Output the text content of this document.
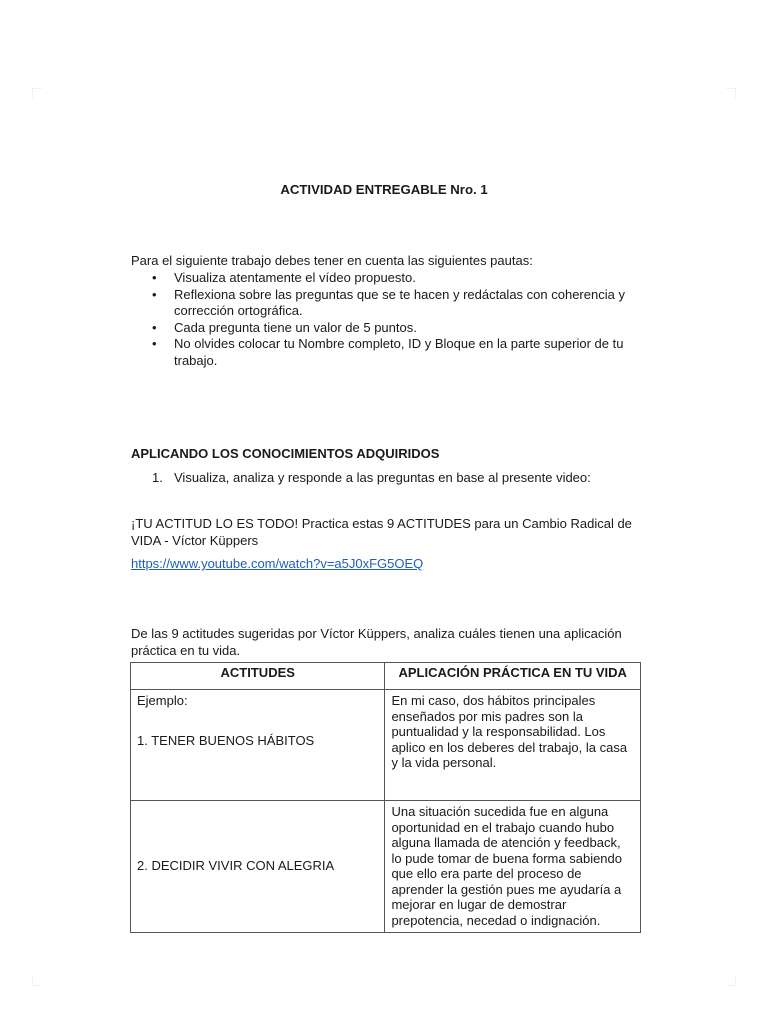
ACTIVIDAD ENTREGABLE Nro. 1
Para el siguiente trabajo debes tener en cuenta las siguientes pautas:
• Visualiza atentamente el vídeo propuesto.
• Reflexiona sobre las preguntas que se te hacen y redáctalas con coherencia y corrección ortográfica.
• Cada pregunta tiene un valor de 5 puntos.
• No olvides colocar tu Nombre completo, ID y Bloque en la parte superior de tu trabajo.
APLICANDO LOS CONOCIMIENTOS ADQUIRIDOS
1. Visualiza, analiza y responde a las preguntas en base al presente video:
¡TU ACTITUD LO ES TODO! Practica estas 9 ACTITUDES para un Cambio Radical de VIDA - Víctor Küppers
https://www.youtube.com/watch?v=a5J0xFG5OEQ
De las 9 actitudes sugeridas por Víctor Küppers, analiza cuáles tienen una aplicación práctica en tu vida.
ACTITUDES	APLICACIÓN PRÁCTICA EN TU VIDA

Ejemplo:
1. TENER BUENOS HÁBITOS	En mi caso, dos hábitos principales enseñados por mis padres son la puntualidad y la responsabilidad. Los aplico en los deberes del trabajo, la casa y la vida personal.
2. DECIDIR VIVIR CON ALEGRIA	Una situación sucedida fue en alguna oportunidad en el trabajo cuando hubo alguna llamada de atención y feedback, lo pude tomar de buena forma sabiendo que ello era parte del proceso de aprender la gestión pues me ayudaría a mejorar en lugar de demostrar prepotencia, necedad o indignación.
